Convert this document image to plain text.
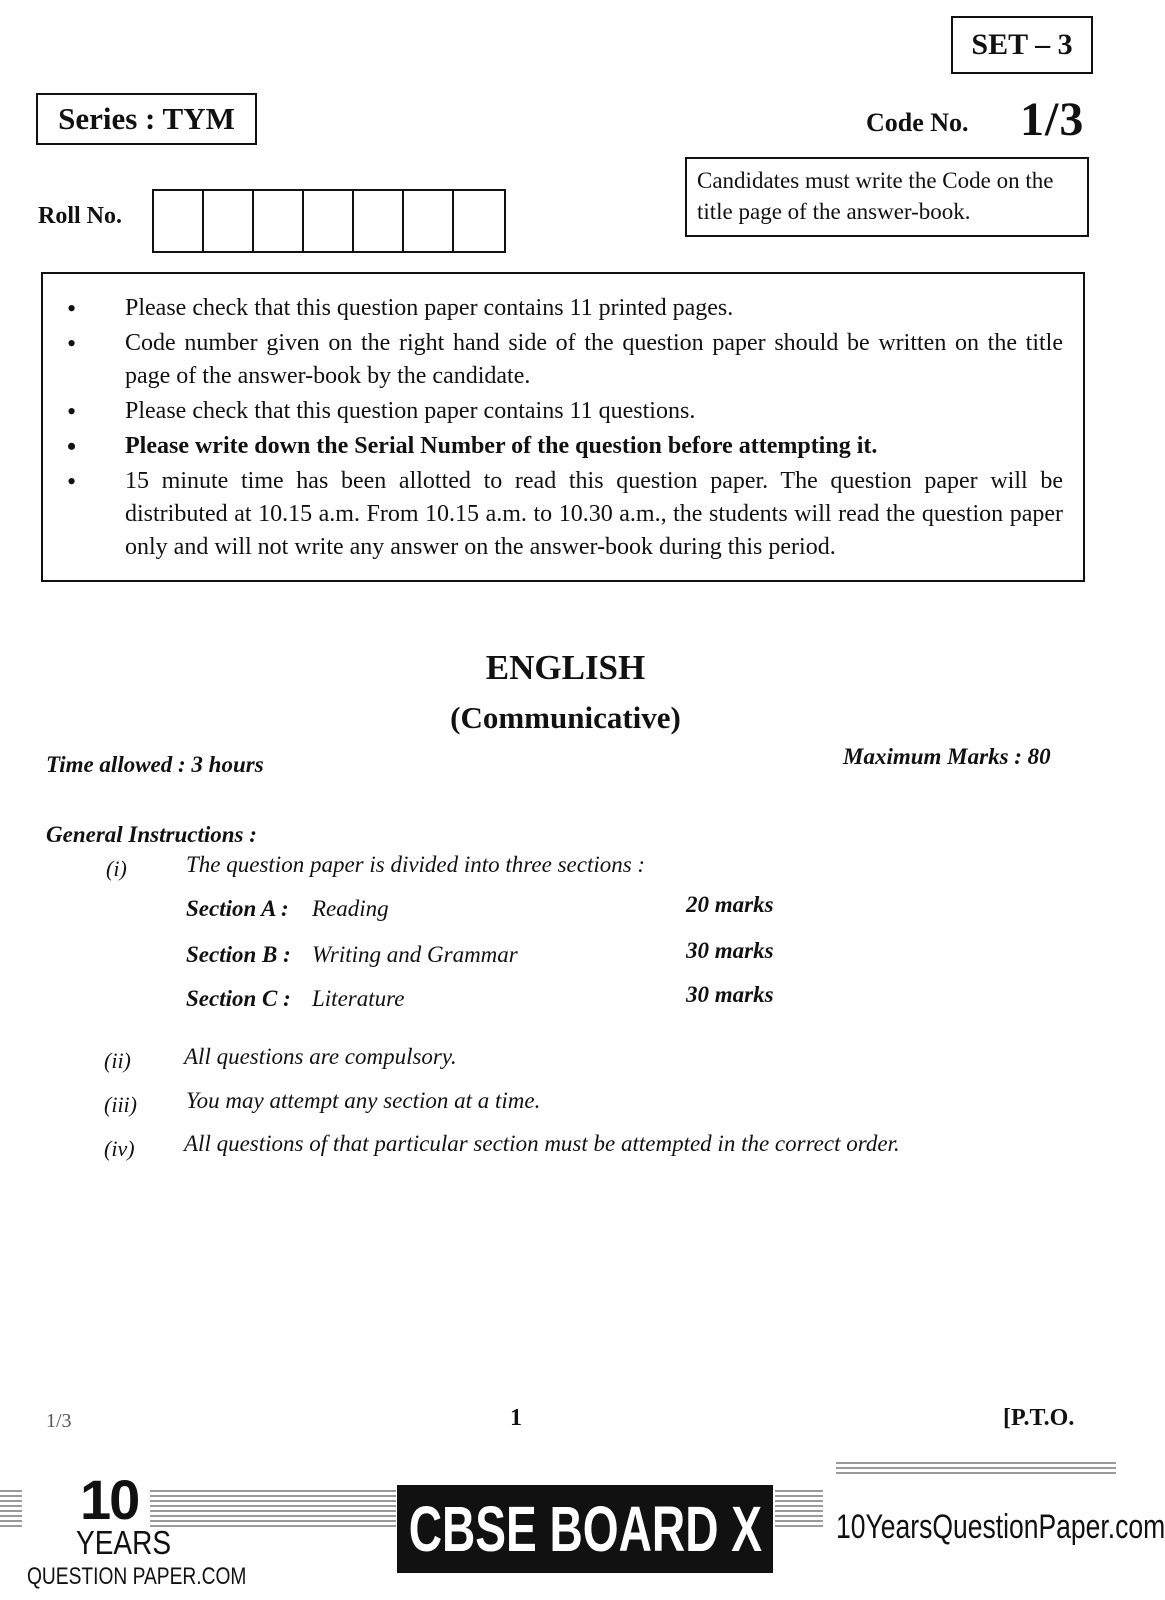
SET – 3
Series : TYM	Code No. 1/3
Candidates must write the Code on the title page of the answer-book.
Roll No.
• Please check that this question paper contains 11 printed pages.
• Code number given on the right hand side of the question paper should be written on the title page of the answer-book by the candidate.
• Please check that this question paper contains 11 questions.
• Please write down the Serial Number of the question before attempting it.
• 15 minute time has been allotted to read this question paper. The question paper will be distributed at 10.15 a.m. From 10.15 a.m. to 10.30 a.m., the students will read the question paper only and will not write any answer on the answer-book during this period.
ENGLISH
(Communicative)
Time allowed : 3 hours	Maximum Marks : 80
General Instructions :
(i)	The question paper is divided into three sections :
Section A : Reading	20 marks
Section B : Writing and Grammar	30 marks
Section C : Literature	30 marks
(ii) All questions are compulsory.
(iii) You may attempt any section at a time.
(iv) All questions of that particular section must be attempted in the correct order.
1/3	1	[P.T.O.
10
YEARS
QUESTION PAPER.COM
CBSE BOARD X 10YearsQuestionPaper.com
